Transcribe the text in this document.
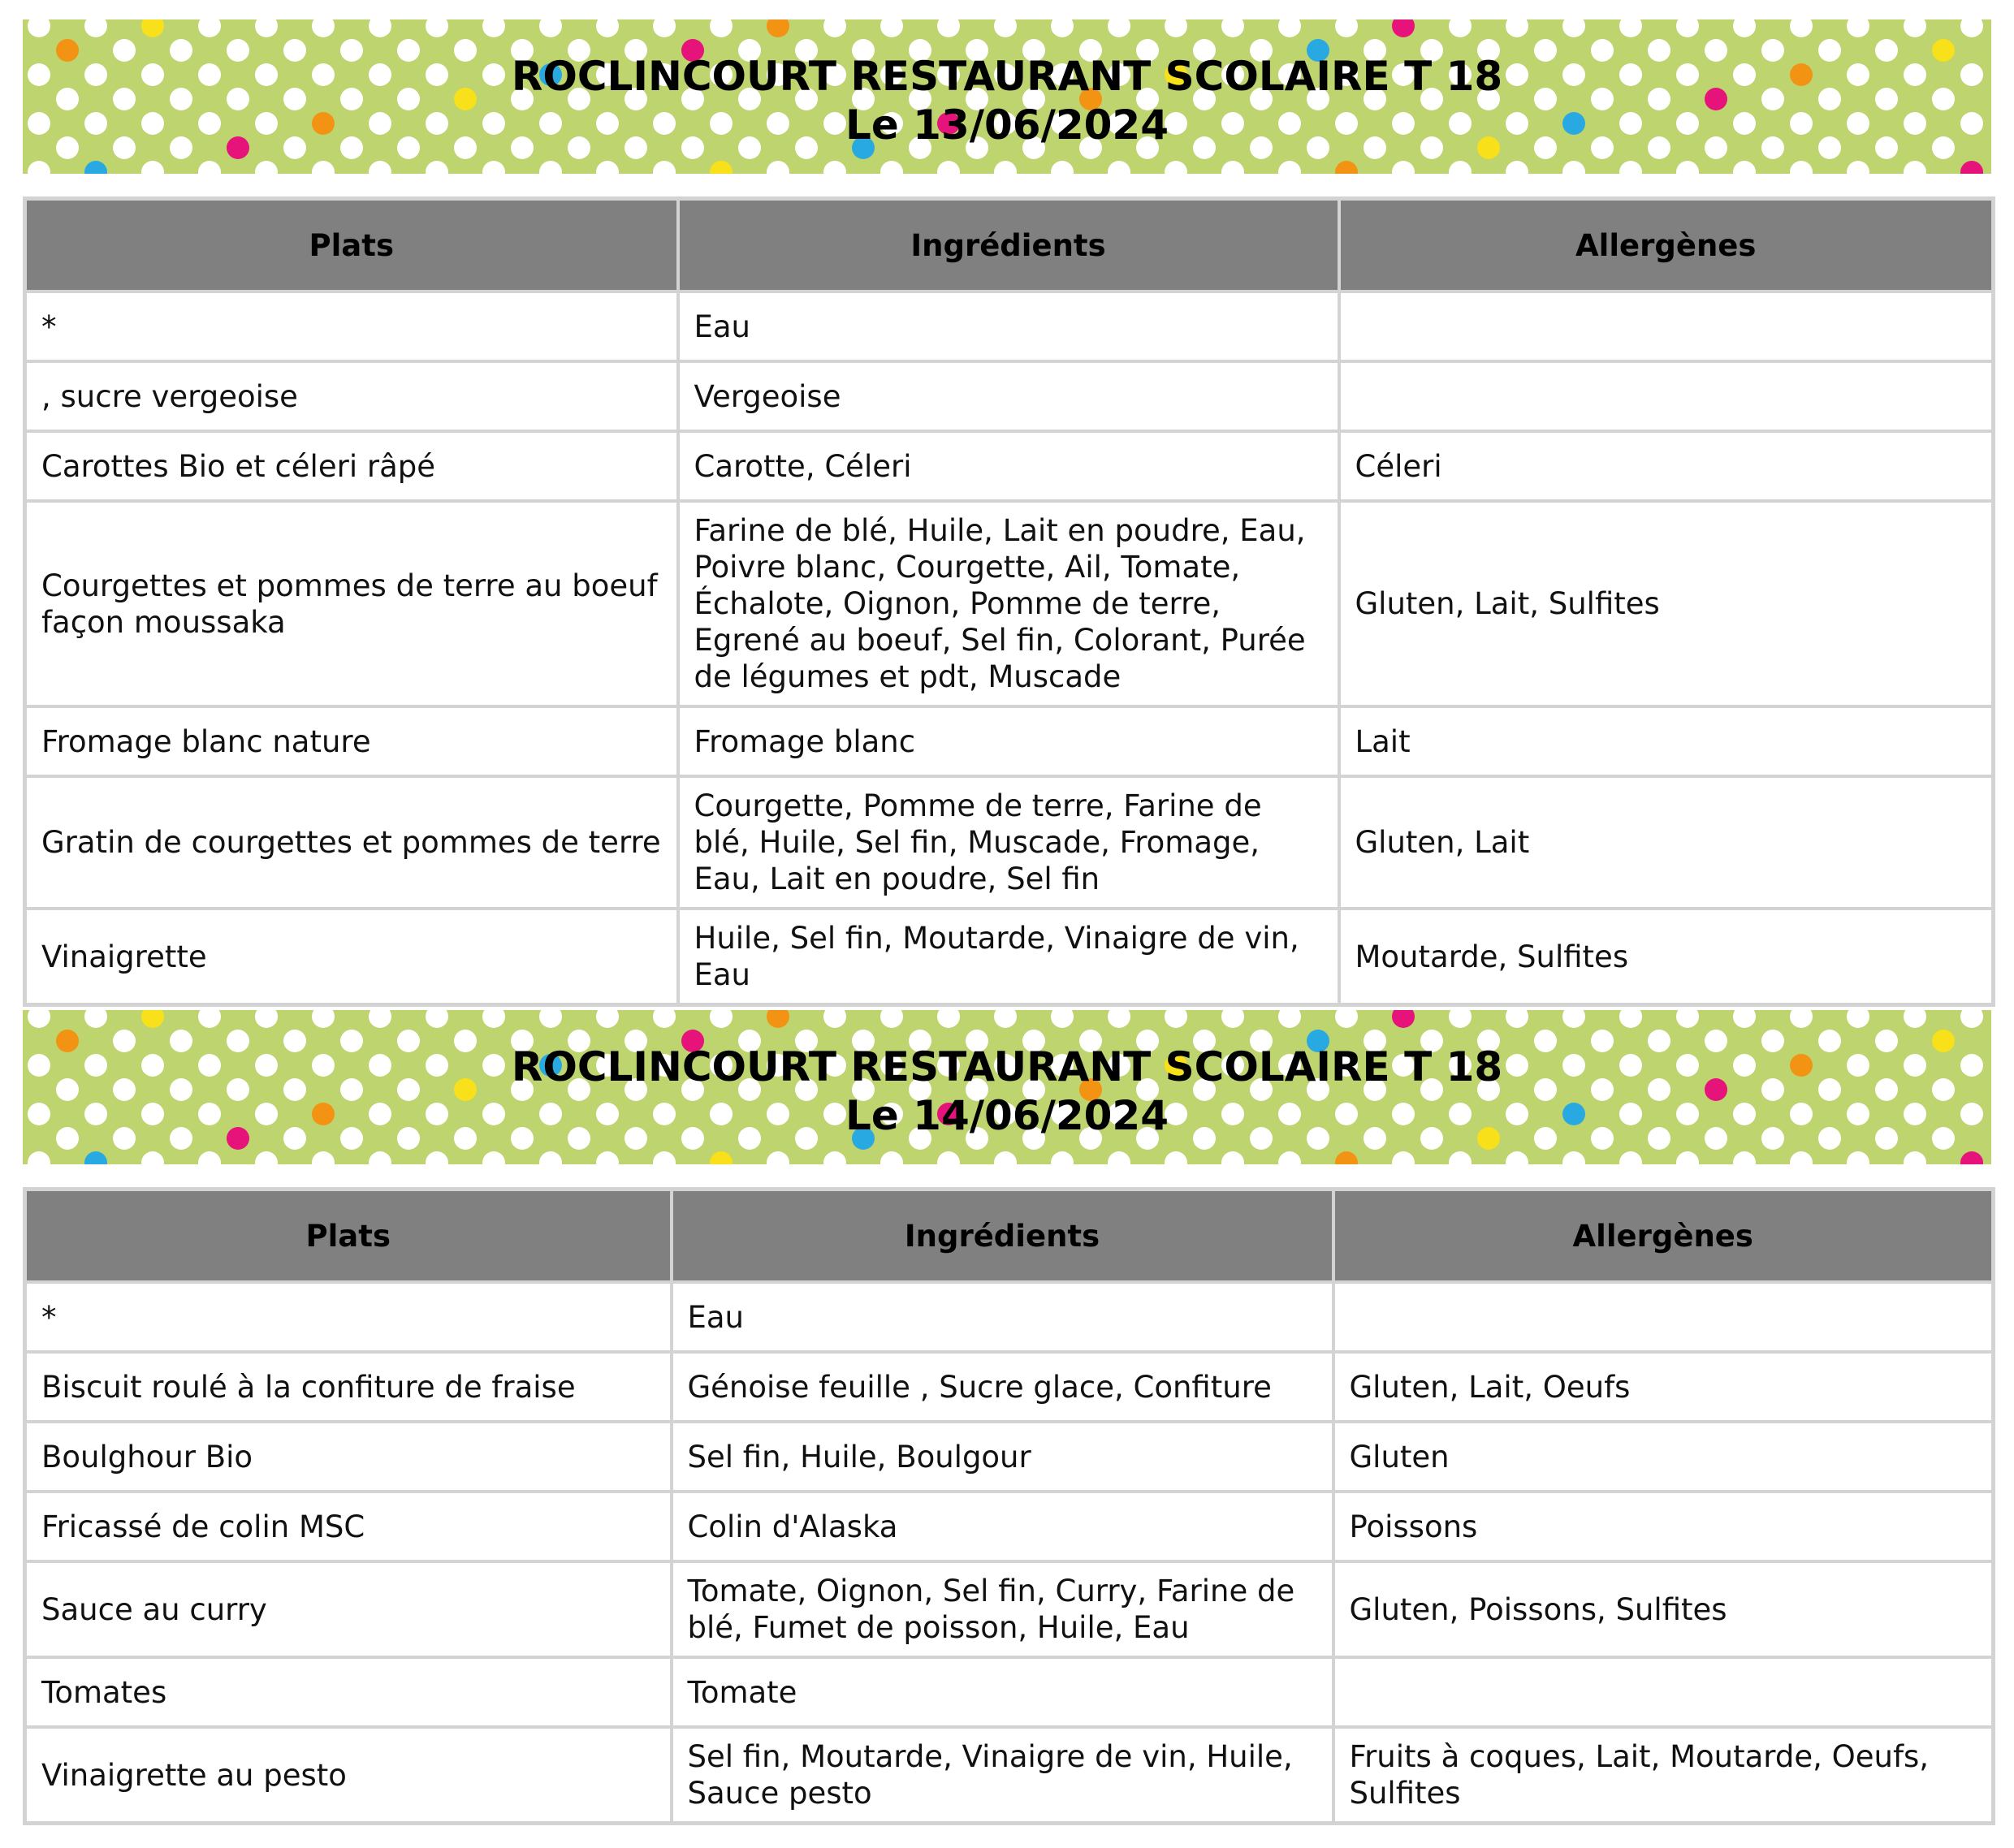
ROCLINCOURT RESTAURANT SCOLAIRE T 18
Le 13/06/2024
Plats	Ingrédients	Allergènes
*	Eau	
, sucre vergeoise	Vergeoise	
Carottes Bio et céleri râpé	Carotte, Céleri	Céleri
Courgettes et pommes de terre au boeuf façon moussaka	Farine de blé, Huile, Lait en poudre, Eau, Poivre blanc, Courgette, Ail, Tomate, Échalote, Oignon, Pomme de terre, Egrené au boeuf, Sel fin, Colorant, Purée de légumes et pdt, Muscade	Gluten, Lait, Sulfites
Fromage blanc nature	Fromage blanc	Lait
Gratin de courgettes et pommes de terre	Courgette, Pomme de terre, Farine de blé, Huile, Sel fin, Muscade, Fromage, Eau, Lait en poudre, Sel fin	Gluten, Lait
Vinaigrette	Huile, Sel fin, Moutarde, Vinaigre de vin, Eau	Moutarde, Sulfites
ROCLINCOURT RESTAURANT SCOLAIRE T 18
Le 14/06/2024
Plats	Ingrédients	Allergènes
*	Eau	
Biscuit roulé à la confiture de fraise	Génoise feuille , Sucre glace, Confiture	Gluten, Lait, Oeufs
Boulghour Bio	Sel fin, Huile, Boulgour	Gluten
Fricassé de colin MSC	Colin d'Alaska	Poissons
Sauce au curry	Tomate, Oignon, Sel fin, Curry, Farine de blé, Fumet de poisson, Huile, Eau	Gluten, Poissons, Sulfites
Tomates	Tomate	
Vinaigrette au pesto	Sel fin, Moutarde, Vinaigre de vin, Huile, Sauce pesto	Fruits à coques, Lait, Moutarde, Oeufs, Sulfites
